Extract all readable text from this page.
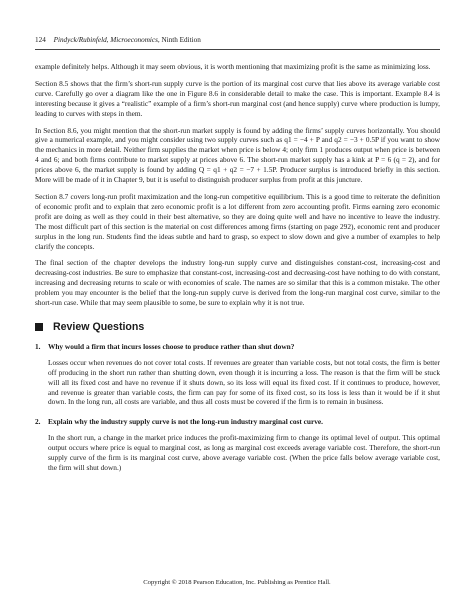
124 Pindyck/Rubinfeld, Microeconomics, Ninth Edition

example definitely helps. Although it may seem obvious, it is worth mentioning that maximizing profit is the same as minimizing loss.

Section 8.5 shows that the firm’s short-run supply curve is the portion of its marginal cost curve that lies above its average variable cost curve. Carefully go over a diagram like the one in Figure 8.6 in considerable detail to make the case. This is important. Example 8.4 is interesting because it gives a “realistic” example of a firm’s short-run marginal cost (and hence supply) curve where production is lumpy, leading to curves with steps in them.

In Section 8.6, you might mention that the short-run market supply is found by adding the firms’ supply curves horizontally. You should give a numerical example, and you might consider using two supply curves such as q1 = −4 + P and q2 = −3 + 0.5P if you want to show the mechanics in more detail. Neither firm supplies the market when price is below 4; only firm 1 produces output when price is between 4 and 6; and both firms contribute to market supply at prices above 6. The short-run market supply has a kink at P = 6 (q = 2), and for prices above 6, the market supply is found by adding Q = q1 + q2 = −7 + 1.5P. Producer surplus is introduced briefly in this section. More will be made of it in Chapter 9, but it is useful to distinguish producer surplus from profit at this juncture.

Section 8.7 covers long-run profit maximization and the long-run competitive equilibrium. This is a good time to reiterate the definition of economic profit and to explain that zero economic profit is a lot different from zero accounting profit. Firms earning zero economic profit are doing as well as they could in their best alternative, so they are doing quite well and have no incentive to leave the industry. The most difficult part of this section is the material on cost differences among firms (starting on page 292), economic rent and producer surplus in the long run. Students find the ideas subtle and hard to grasp, so expect to slow down and give a number of examples to help clarify the concepts.

The final section of the chapter develops the industry long-run supply curve and distinguishes constant-cost, increasing-cost and decreasing-cost industries. Be sure to emphasize that constant-cost, increasing-cost and decreasing-cost have nothing to do with constant, increasing and decreasing returns to scale or with economies of scale. The names are so similar that this is a common mistake. The other problem you may encounter is the belief that the long-run supply curve is derived from the long-run marginal cost curve, similar to the short-run case. While that may seem plausible to some, be sure to explain why it is not true.

Review Questions
1.	Why would a firm that incurs losses choose to produce rather than shut down?

Losses occur when revenues do not cover total costs. If revenues are greater than variable costs, but not total costs, the firm is better off producing in the short run rather than shutting down, even though it is incurring a loss. The reason is that the firm will be stuck will all its fixed cost and have no revenue if it shuts down, so its loss will equal its fixed cost. If it continues to produce, however, and revenue is greater than variable costs, the firm can pay for some of its fixed cost, so its loss is less than it would be if it shut down. In the long run, all costs are variable, and thus all costs must be covered if the firm is to remain in business.

2.	Explain why the industry supply curve is not the long-run industry marginal cost curve.

In the short run, a change in the market price induces the profit-maximizing firm to change its optimal level of output. This optimal output occurs where price is equal to marginal cost, as long as marginal cost exceeds average variable cost. Therefore, the short-run supply curve of the firm is its marginal cost curve, above average variable cost. (When the price falls below average variable cost, the firm will shut down.)

Copyright © 2018 Pearson Education, Inc. Publishing as Prentice Hall.
